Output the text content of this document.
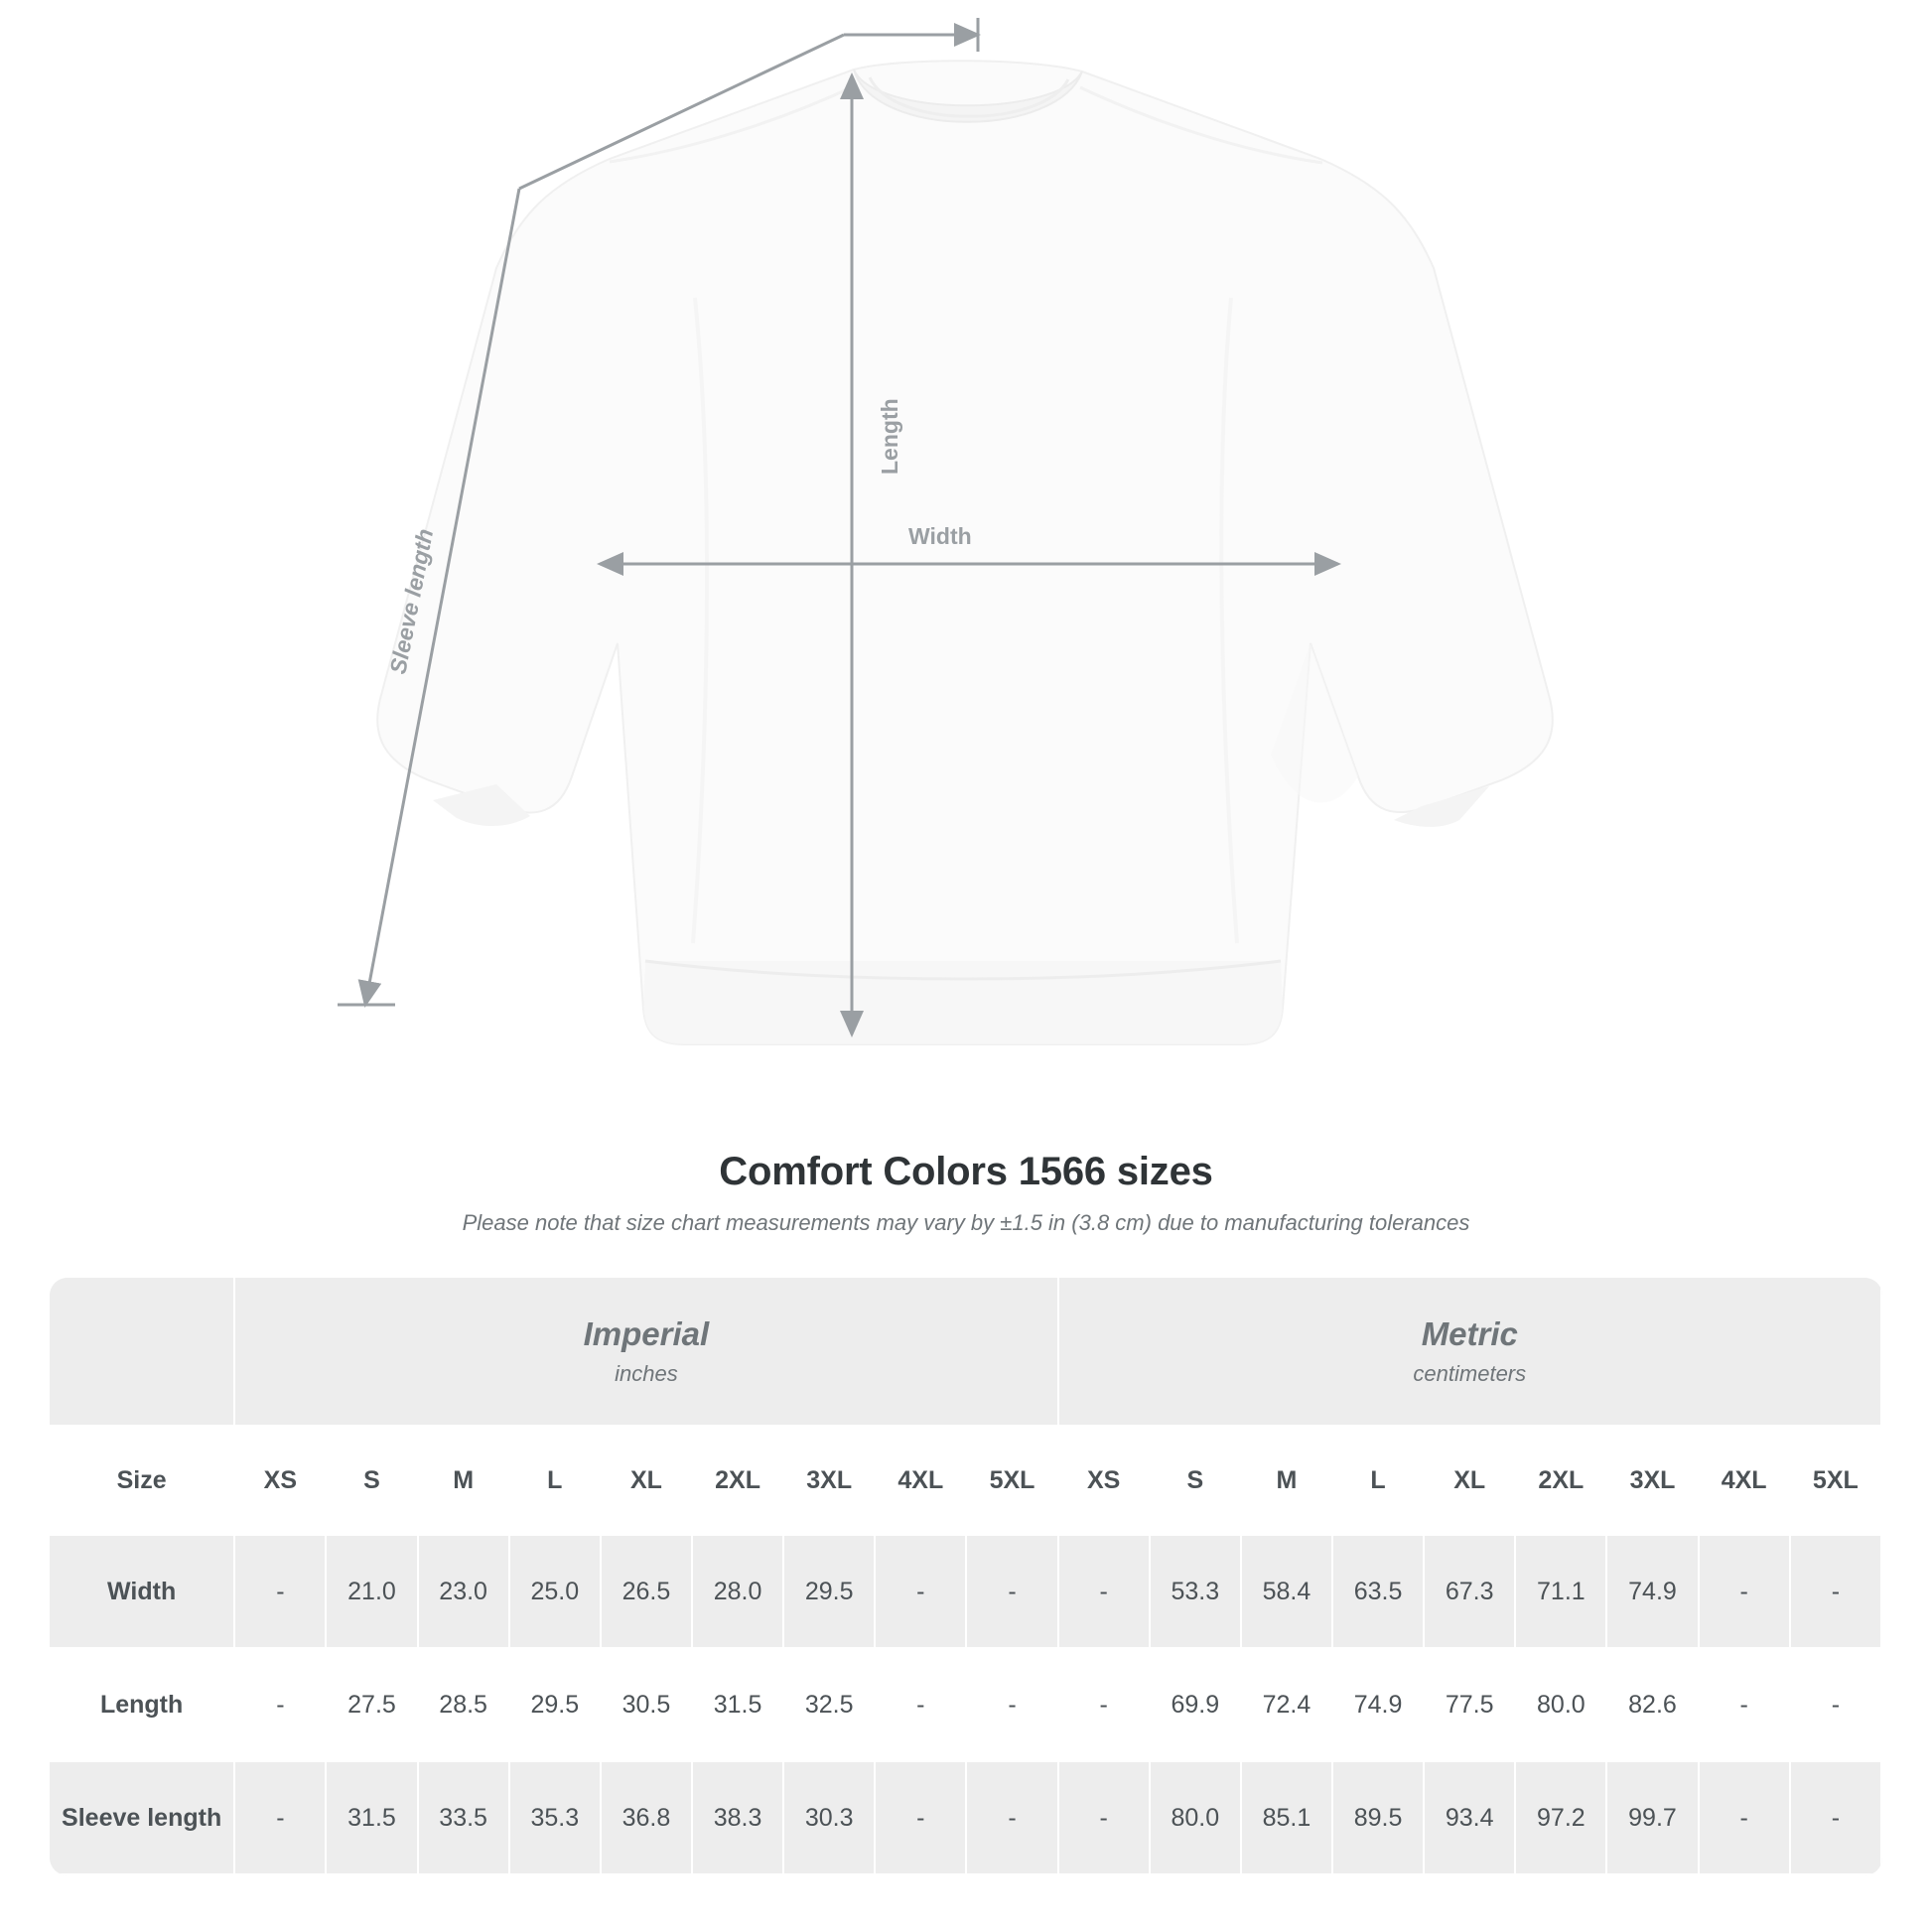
Width
Length
Sleeve length
Comfort Colors 1566 sizes

Please note that size chart measurements may vary by ±1.5 in (3.8 cm) due to manufacturing tolerances

	Imperial
inches									Metric
centimeters								

Size	XS	S	M	L	XL	2XL	3XL	4XL	5XL	XS	S	M	L	XL	2XL	3XL	4XL	5XL
Width	-	21.0	23.0	25.0	26.5	28.0	29.5	-	-	-	53.3	58.4	63.5	67.3	71.1	74.9	-	-
Length	-	27.5	28.5	29.5	30.5	31.5	32.5	-	-	-	69.9	72.4	74.9	77.5	80.0	82.6	-	-
Sleeve length	-	31.5	33.5	35.3	36.8	38.3	30.3	-	-	-	80.0	85.1	89.5	93.4	97.2	99.7	-	-
